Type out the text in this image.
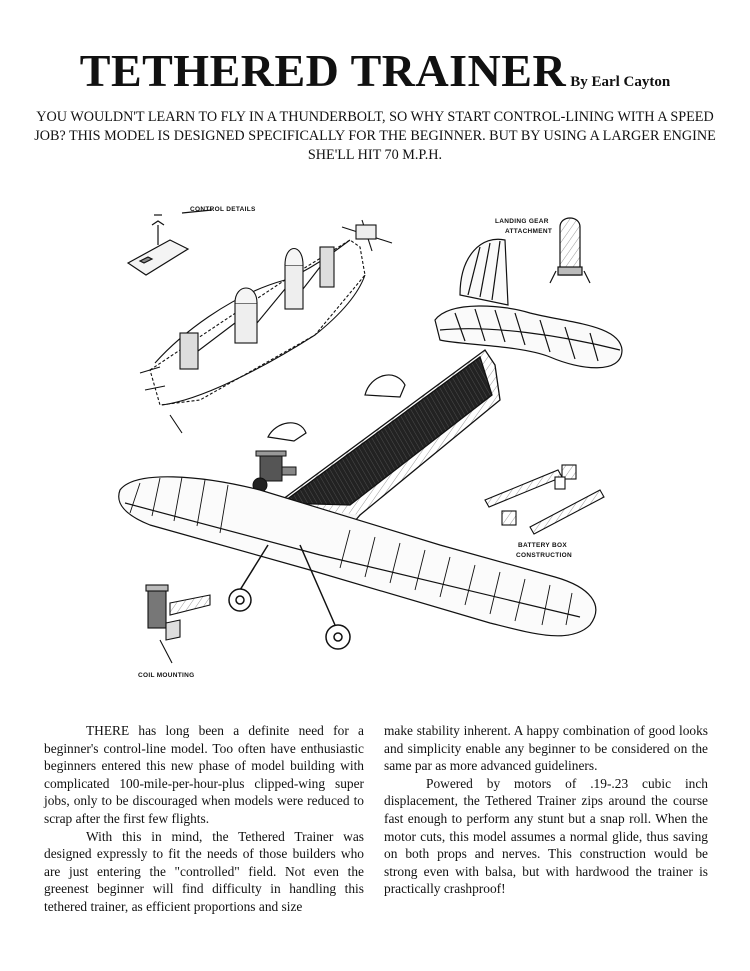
TETHERED TRAINER By Earl Cayton
YOU WOULDN'T LEARN TO FLY IN A THUNDERBOLT, SO WHY START CONTROL-LINING WITH A SPEED JOB? THIS MODEL IS DESIGNED SPECIFICALLY FOR THE BEGINNER. BUT BY USING A LARGER ENGINE SHE'LL HIT 70 M.P.H.
CONTROL DETAILS
LANDING GEAR
ATTACHMENT
BATTERY BOX
CONSTRUCTION
COIL MOUNTING

THERE has long been a definite need for a beginner's control-line model. Too often have enthusiastic beginners entered this new phase of model building with complicated 100-mile-per-hour-plus clipped-wing super jobs, only to be discouraged when models were reduced to scrap after the first few flights.

With this in mind, the Tethered Trainer was designed expressly to fit the needs of those builders who are just entering the "controlled" field. Not even the greenest beginner will find difficulty in handling this tethered trainer, as efficient proportions and size

make stability inherent. A happy combination of good looks and simplicity enable any beginner to be considered on the same par as more advanced guideliners.

Powered by motors of .19-.23 cubic inch displacement, the Tethered Trainer zips around the course fast enough to perform any stunt but a snap roll. When the motor cuts, this model assumes a normal glide, thus saving on both props and nerves. This construction would be strong even with balsa, but with hardwood the trainer is practically crashproof!
